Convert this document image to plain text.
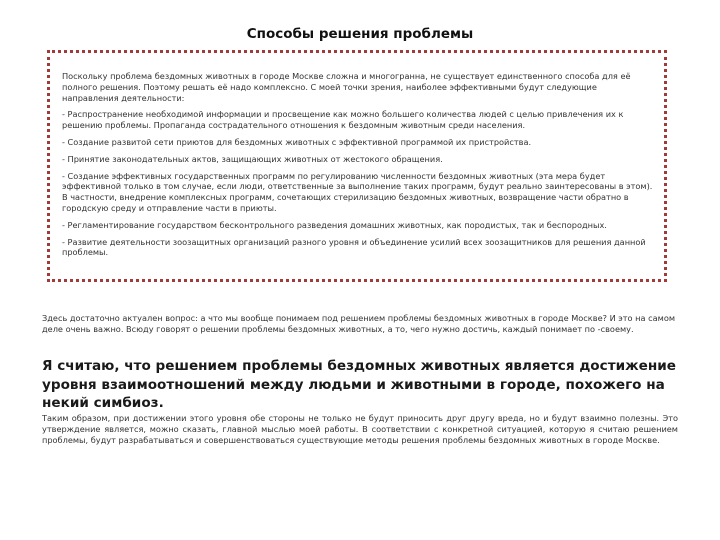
Способы решения проблемы

Поскольку проблема бездомных животных в городе Москве сложна и многогранна, не существует единственного способа для её полного решения. Поэтому решать её надо комплексно. С моей точки зрения, наиболее эффективными будут следующие направления деятельности:

- Распространение необходимой информации и просвещение как можно большего количества людей с целью привлечения их к решению проблемы. Пропаганда сострадательного отношения к бездомным животным среди населения.

- Создание развитой сети приютов для бездомных животных с эффективной программой их пристройства.

- Принятие законодательных актов, защищающих животных от жестокого обращения.

- Создание эффективных государственных программ по регулированию численности бездомных животных (эта мера будет эффективной только в том случае, если люди, ответственные за выполнение таких программ, будут реально заинтересованы в этом). В частности, внедрение комплексных программ, сочетающих стерилизацию бездомных животных, возвращение части обратно в городскую среду и отправление части в приюты.

- Регламентирование государством бесконтрольного разведения домашних животных, как породистых, так и беспородных.

- Развитие деятельности зоозащитных организаций разного уровня и объединение усилий всех зоозащитников для решения данной проблемы.

Здесь достаточно актуален вопрос: а что мы вообще понимаем под решением проблемы бездомных животных в городе Москве? И это на самом деле очень важно. Всюду говорят о решении проблемы бездомных животных, а то, чего нужно достичь, каждый понимает по -своему.

Я считаю, что решением проблемы бездомных животных является достижение уровня взаимоотношений между людьми и животными в городе, похожего на некий симбиоз.

Таким образом, при достижении этого уровня обе стороны не только не будут приносить друг другу вреда, но и будут взаимно полезны. Это утверждение является, можно сказать, главной мыслью моей работы. В соответствии с конкретной ситуацией, которую я считаю решением проблемы, будут разрабатываться и совершенствоваться существующие методы решения проблемы бездомных животных в городе Москве.
